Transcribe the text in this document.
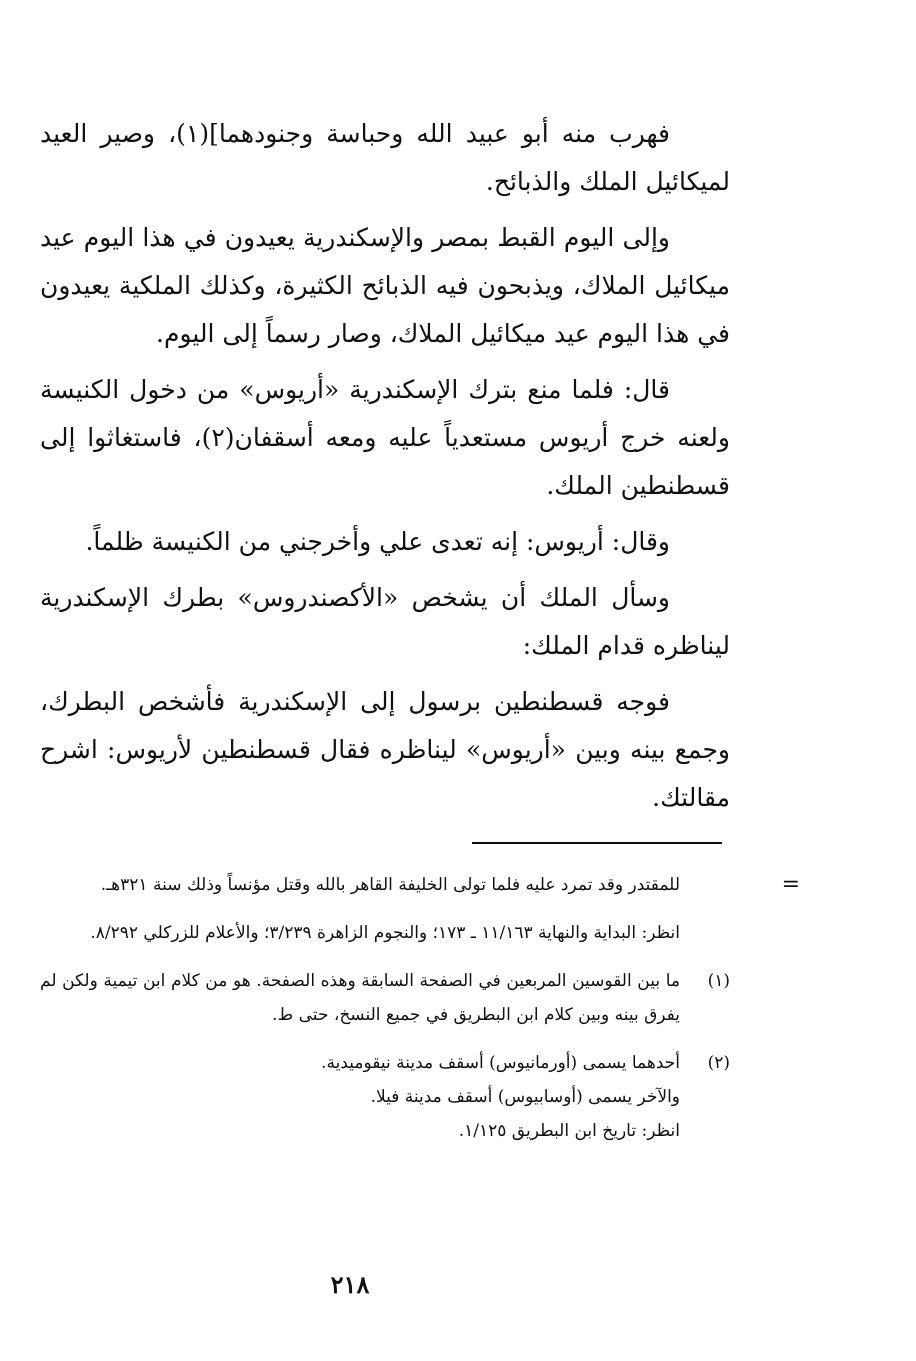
فهرب منه أبو عبيد الله وحباسة وجنودهما](١)، وصير العيد لميكائيل الملك والذبائح.

وإلى اليوم القبط بمصر والإسكندرية يعيدون في هذا اليوم عيد ميكائيل الملاك، ويذبحون فيه الذبائح الكثيرة، وكذلك الملكية يعيدون في هذا اليوم عيد ميكائيل الملاك، وصار رسماً إلى اليوم.

قال: فلما منع بترك الإسكندرية «أريوس» من دخول الكنيسة ولعنه خرج أريوس مستعدياً عليه ومعه أسقفان(٢)، فاستغاثوا إلى قسطنطين الملك.

وقال: أريوس: إنه تعدى علي وأخرجني من الكنيسة ظلماً.

وسأل الملك أن يشخص «الأكصندروس» بطرك الإسكندرية ليناظره قدام الملك:

فوجه قسطنطين برسول إلى الإسكندرية فأشخص البطرك، وجمع بينه وبين «أريوس» ليناظره فقال قسطنطين لأريوس: اشرح مقالتك.

=
للمقتدر وقد تمرد عليه فلما تولى الخليفة القاهر بالله وقتل مؤنساً وذلك سنة ٣٢١هـ.
انظر: البداية والنهاية ١١/١٦٣ ـ ١٧٣؛ والنجوم الزاهرة ٣/٢٣٩؛ والأعلام للزركلي ٨/٢٩٢.
(١)
ما بين القوسين المربعين في الصفحة السابقة وهذه الصفحة. هو من كلام ابن تيمية ولكن لم يفرق بينه وبين كلام ابن البطريق في جميع النسخ، حتى ط.
(٢)
أحدهما يسمى (أورمانيوس) أسقف مدينة نيقوميدية.
والآخر يسمى (أوسابيوس) أسقف مدينة فيلا.
انظر: تاريخ ابن البطريق ١/١٢٥.
٢١٨
